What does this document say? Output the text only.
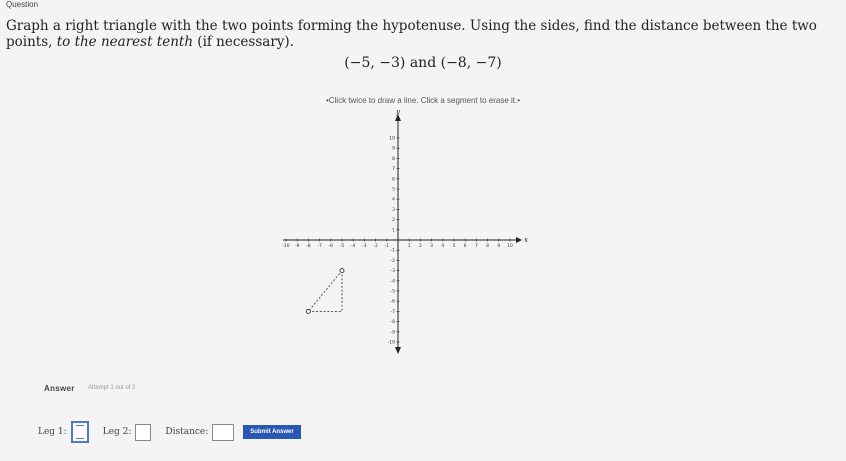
Question
Graph a right triangle with the two points forming the hypotenuse. Using the sides, find the distance between the two points, to the nearest tenth (if necessary).
(−5, −3) and (−8, −7)
•Click twice to draw a line. Click a segment to erase it.•
-10 -9 -8 -7 -6 -5 -4 -3 -2 -1	1 2 3 4 5 6 7 8 9 10
10
9
8
7
6
5
4
3
2
1
-1
-2
-3
-4
-5
-6
-7
-8
-9
-10
x
y
Answer Attempt 1 out of 2
Leg 1:	Leg 2:	Distance:	Submit Answer
